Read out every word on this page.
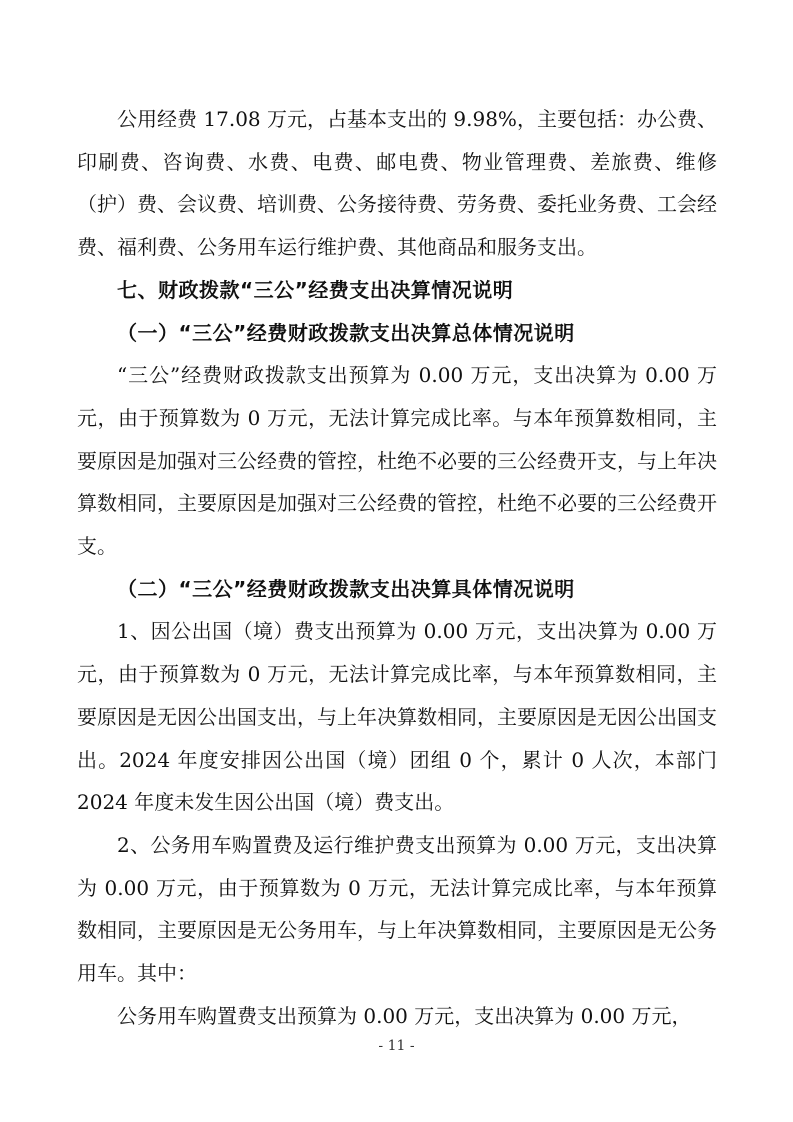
公用经费 17.08 万元，占基本支出的 9.98%，主要包括：办公费、印刷费、咨询费、水费、电费、邮电费、物业管理费、差旅费、维修（护）费、会议费、培训费、公务接待费、劳务费、委托业务费、工会经费、福利费、公务用车运行维护费、其他商品和服务支出。

七、财政拨款“三公”经费支出决算情况说明

（一）“三公”经费财政拨款支出决算总体情况说明

“三公”经费财政拨款支出预算为 0.00 万元，支出决算为 0.00 万元，由于预算数为 0 万元，无法计算完成比率。与本年预算数相同，主要原因是加强对三公经费的管控，杜绝不必要的三公经费开支，与上年决算数相同，主要原因是加强对三公经费的管控，杜绝不必要的三公经费开支。

（二）“三公”经费财政拨款支出决算具体情况说明

1、因公出国（境）费支出预算为 0.00 万元，支出决算为 0.00 万元，由于预算数为 0 万元，无法计算完成比率，与本年预算数相同，主要原因是无因公出国支出，与上年决算数相同，主要原因是无因公出国支出。2024 年度安排因公出国（境）团组 0 个，累计 0 人次，本部门 2024 年度未发生因公出国（境）费支出。

2、公务用车购置费及运行维护费支出预算为 0.00 万元，支出决算为 0.00 万元，由于预算数为 0 万元，无法计算完成比率，与本年预算数相同，主要原因是无公务用车，与上年决算数相同，主要原因是无公务用车。其中：

公务用车购置费支出预算为 0.00 万元，支出决算为 0.00 万元，

- 11 -
